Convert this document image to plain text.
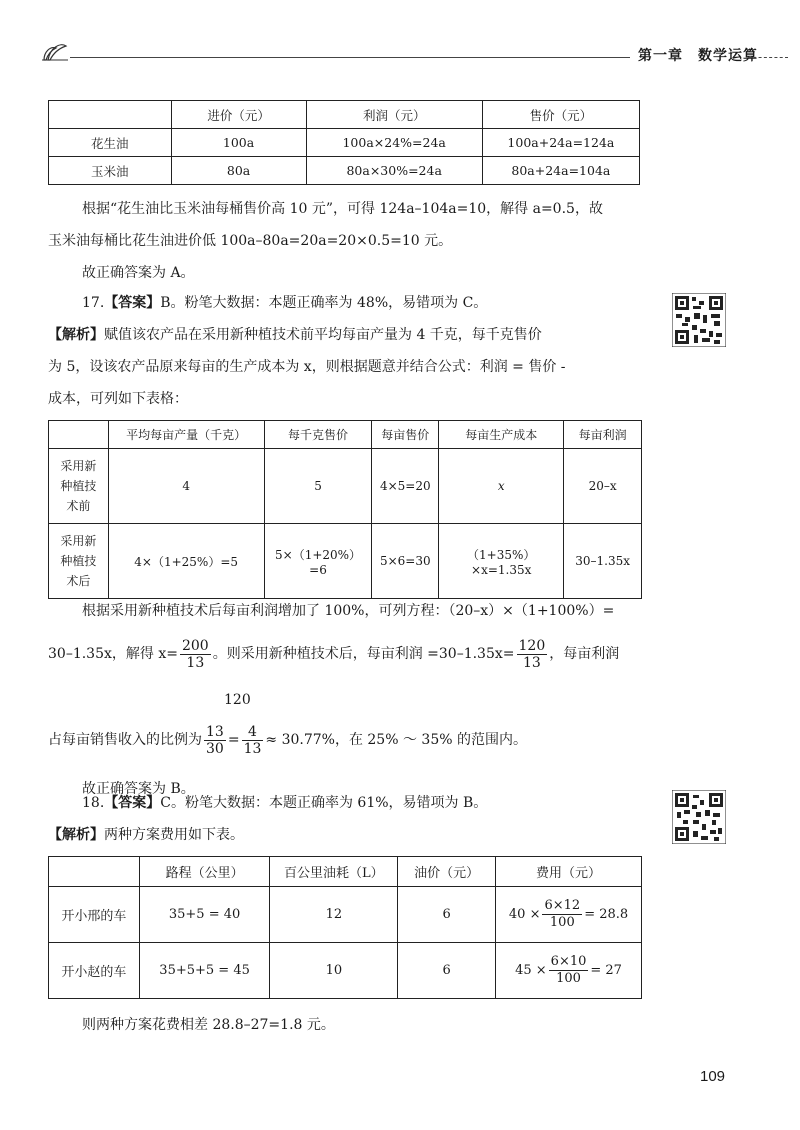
第一章　数学运算
	进价（元）	利润（元）	售价（元）
花生油	100a	100a×24%=24a	100a+24a=124a
玉米油	80a	80a×30%=24a	80a+24a=104a

根据“花生油比玉米油每桶售价高 10 元”，可得 124a–104a=10，解得 a=0.5，故

玉米油每桶比花生油进价低 100a–80a=20a=20×0.5=10 元。

故正确答案为 A。

17.【答案】B。粉笔大数据：本题正确率为 48%，易错项为 C。

【解析】赋值该农产品在采用新种植技术前平均每亩产量为 4 千克，每千克售价

为 5，设该农产品原来每亩的生产成本为 x，则根据题意并结合公式：利润 = 售价 -

成本，可列如下表格：

	平均每亩产量（千克）	每千克售价	每亩售价	每亩生产成本	每亩利润
采用新种植技术前	4	5	4×5=20	x	20–x
采用新种植技术后	4×（1+25%）=5	5×（1+20%）=6	5×6=30	（1+35%）×x=1.35x	30–1.35x

根据采用新种植技术后每亩利润增加了 100%，可列方程：（20–x）×（1+100%）=

30–1.35x，解得 $x= \frac{200}{13}$ 。则采用新种植技术后，每亩利润 $=30-1.35x= \frac{120}{13}$ ，每亩利润

120
占每亩销售收入的比例为 $\frac{13}{30} = \frac{4}{13} \approx 30.77\%$，在 25% ～ 35% 的范围内。

故正确答案为 B。

18.【答案】C。粉笔大数据：本题正确率为 61%，易错项为 B。

【解析】两种方案费用如下表。

	路程（公里）	百公里油耗（L）	油价（元）	费用（元）
开小邢的车	35+5 = 40	12	6	$40 \times \frac{6\times 12}{100} = 28.8$
开小赵的车	35+5+5 = 45	10	6	$45 \times \frac{6\times 10}{100} = 27$

则两种方案花费相差 28.8–27=1.8 元。

109
